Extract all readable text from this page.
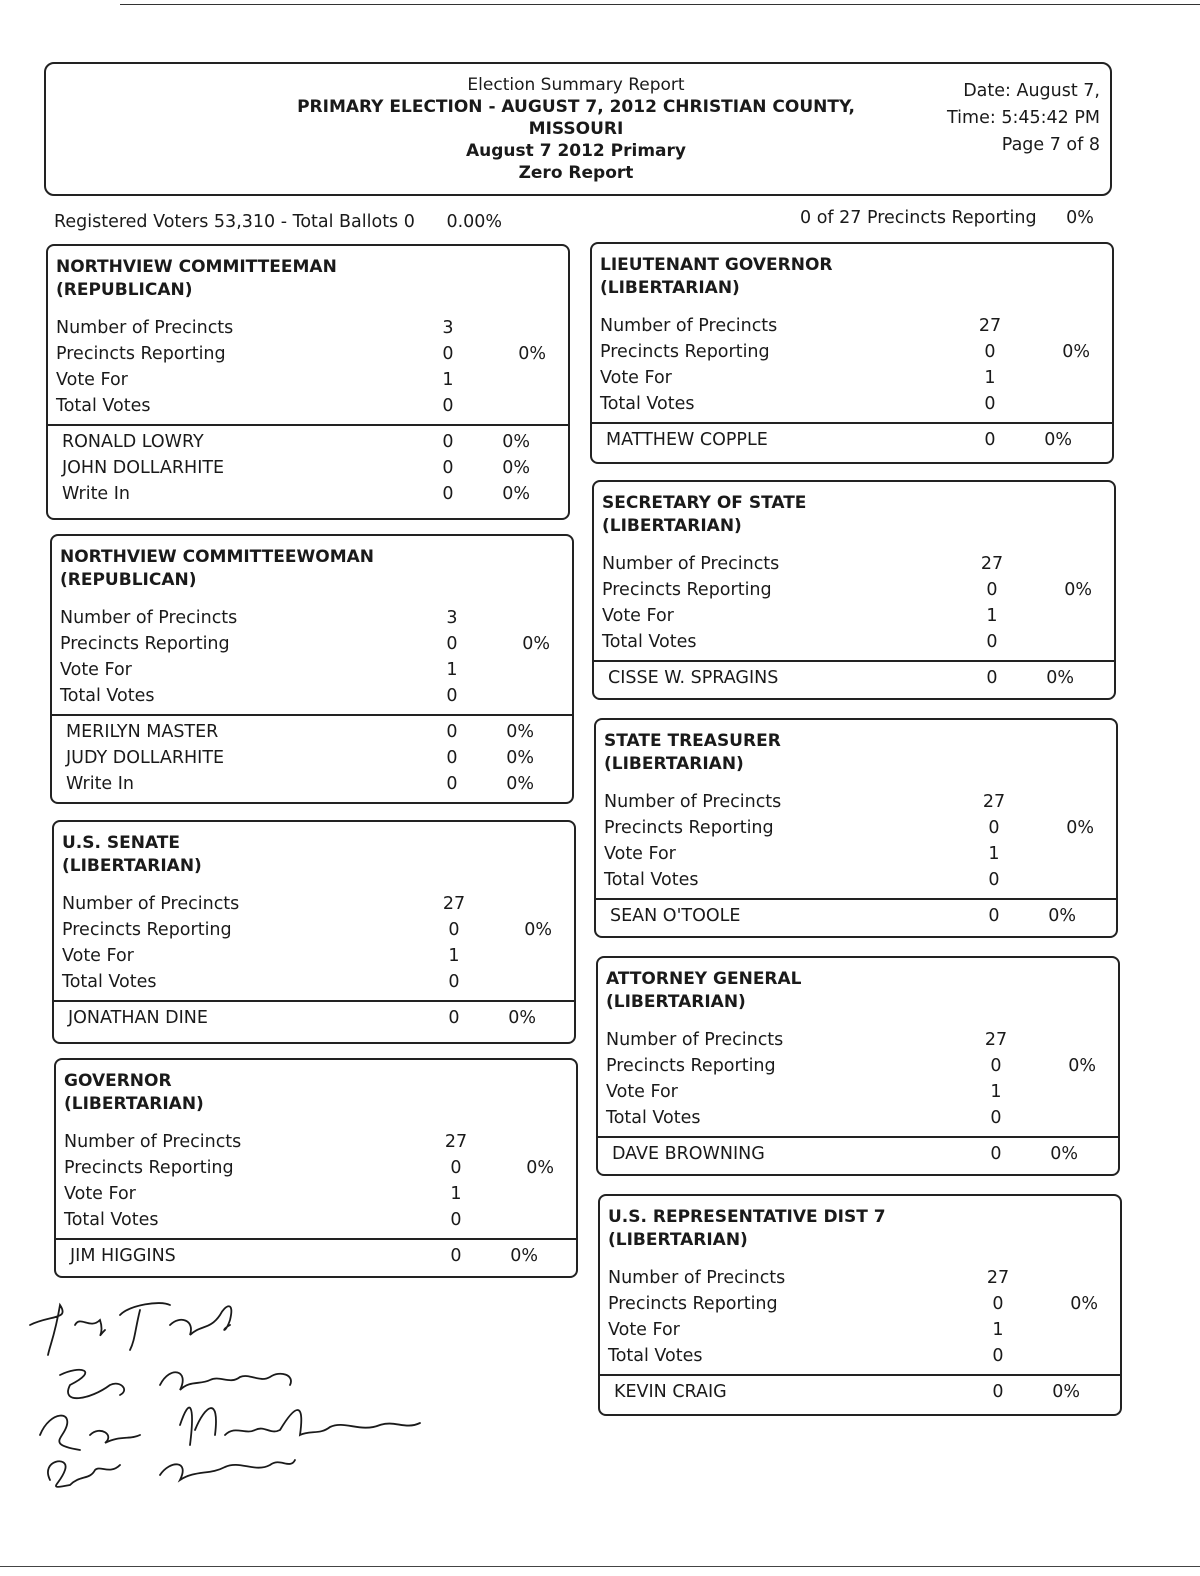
Election Summary Report
PRIMARY ELECTION - AUGUST 7, 2012 CHRISTIAN COUNTY,
MISSOURI
August 7 2012 Primary
Zero Report
Date: August 7,
Time: 5:45:42 PM
Page 7 of 8
Registered Voters 53,310 - Total Ballots 0 0.00%	0 of 27 Precincts Reporting 0%
NORTHVIEW COMMITTEEMAN
(REPUBLICAN)
Number of Precincts	3
Precincts Reporting	0	0%
Vote For	1
Total Votes	0
RONALD LOWRY	0	0%
JOHN DOLLARHITE	0	0%
Write In	0	0%
NORTHVIEW COMMITTEEWOMAN
(REPUBLICAN)
Number of Precincts	3
Precincts Reporting	0	0%
Vote For	1
Total Votes	0
MERILYN MASTER	0	0%
JUDY DOLLARHITE	0	0%
Write In	0	0%
U.S. SENATE
(LIBERTARIAN)
Number of Precincts	27
Precincts Reporting	0	0%
Vote For	1
Total Votes	0
JONATHAN DINE	0	0%
GOVERNOR
(LIBERTARIAN)
Number of Precincts	27
Precincts Reporting	0	0%
Vote For	1
Total Votes	0
JIM HIGGINS	0	0%
LIEUTENANT GOVERNOR
(LIBERTARIAN)
Number of Precincts	27
Precincts Reporting	0	0%
Vote For	1
Total Votes	0
MATTHEW COPPLE	0	0%
SECRETARY OF STATE
(LIBERTARIAN)
Number of Precincts	27
Precincts Reporting	0	0%
Vote For	1
Total Votes	0
CISSE W. SPRAGINS	0	0%
STATE TREASURER
(LIBERTARIAN)
Number of Precincts	27
Precincts Reporting	0	0%
Vote For	1
Total Votes	0
SEAN O'TOOLE	0	0%
ATTORNEY GENERAL
(LIBERTARIAN)
Number of Precincts	27
Precincts Reporting	0	0%
Vote For	1
Total Votes	0
DAVE BROWNING	0	0%
U.S. REPRESENTATIVE DIST 7
(LIBERTARIAN)
Number of Precincts	27
Precincts Reporting	0	0%
Vote For	1
Total Votes	0
KEVIN CRAIG	0	0%
